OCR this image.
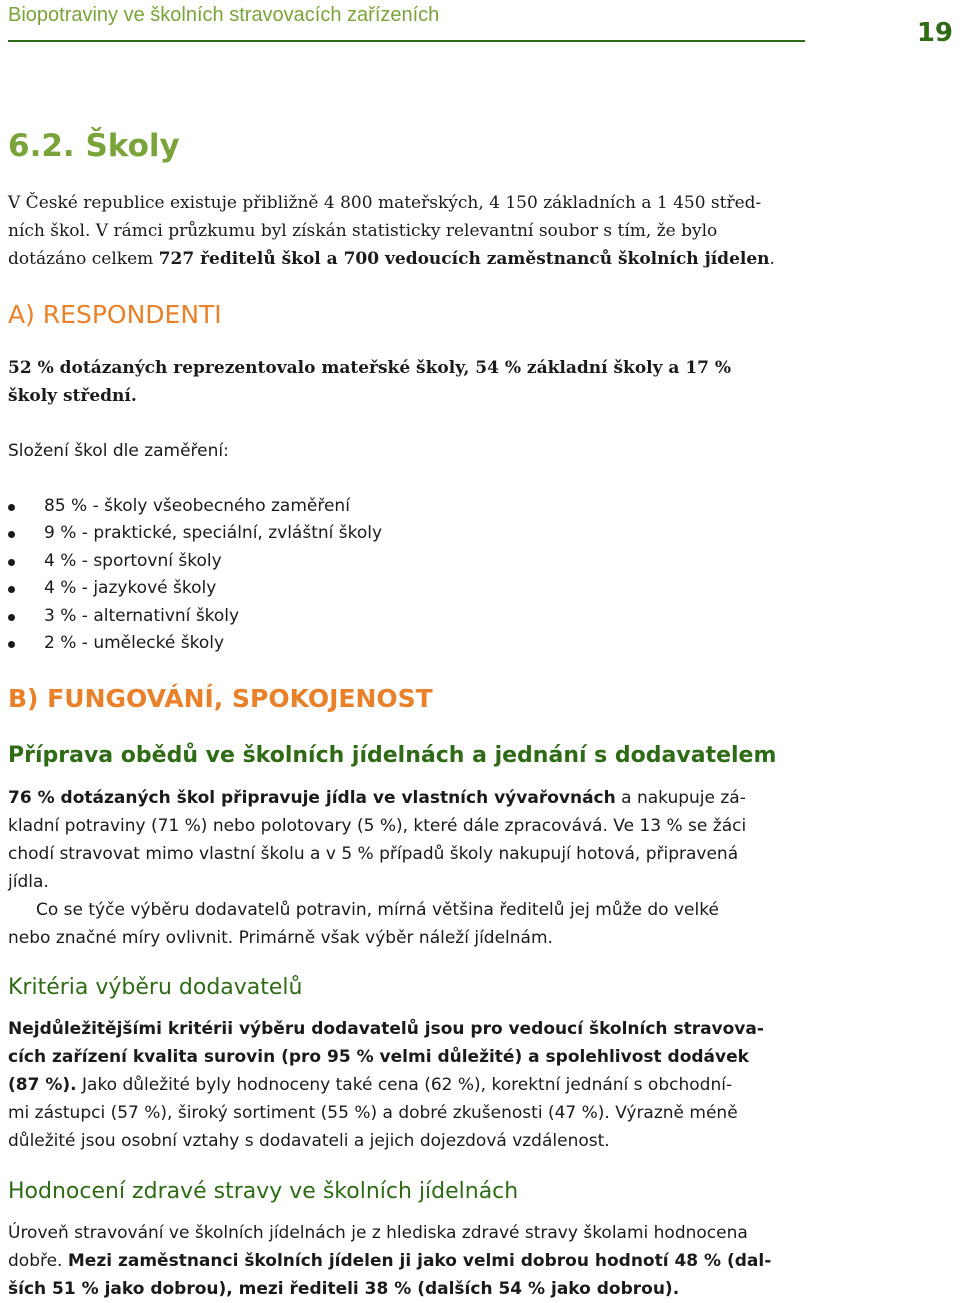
Biopotraviny ve školních stravovacích zařízeních
19
6.2. Školy

V České republice existuje přibližně 4 800 mateřských, 4 150 základních a 1 450 střed-
ních škol. V rámci průzkumu byl získán statisticky relevantní soubor s tím, že bylo
dotázáno celkem 727 ředitelů škol a 700 vedoucích zaměstnanců školních jídelen.

A) RESPONDENTI

52 % dotázaných reprezentovalo mateřské školy, 54 % základní školy a 17 %
školy střední.

Složení škol dle zaměření:

85 % - školy všeobecného zaměření
9 % - praktické, speciální, zvláštní školy
4 % - sportovní školy
4 % - jazykové školy
3 % - alternativní školy
2 % - umělecké školy
B) FUNGOVÁNÍ, SPOKOJENOST
Příprava obědů ve školních jídelnách a jednání s dodavatelem

76 % dotázaných škol připravuje jídla ve vlastních vývařovnách a nakupuje zá-
kladní potraviny (71 %) nebo polotovary (5 %), které dále zpracovává. Ve 13 % se žáci
chodí stravovat mimo vlastní školu a v 5 % případů školy nakupují hotová, připravená
jídla.
Co se týče výběru dodavatelů potravin, mírná většina ředitelů jej může do velké
nebo značné míry ovlivnit. Primárně však výběr náleží jídelnám.

Kritéria výběru dodavatelů

Nejdůležitějšími kritérii výběru dodavatelů jsou pro vedoucí školních stravova-
cích zařízení kvalita surovin (pro 95 % velmi důležité) a spolehlivost dodávek
(87 %). Jako důležité byly hodnoceny také cena (62 %), korektní jednání s obchodní-
mi zástupci (57 %), široký sortiment (55 %) a dobré zkušenosti (47 %). Výrazně méně
důležité jsou osobní vztahy s dodavateli a jejich dojezdová vzdálenost.

Hodnocení zdravé stravy ve školních jídelnách

Úroveň stravování ve školních jídelnách je z hlediska zdravé stravy školami hodnocena
dobře. Mezi zaměstnanci školních jídelen ji jako velmi dobrou hodnotí 48 % (dal-
ších 51 % jako dobrou), mezi řediteli 38 % (dalších 54 % jako dobrou).
